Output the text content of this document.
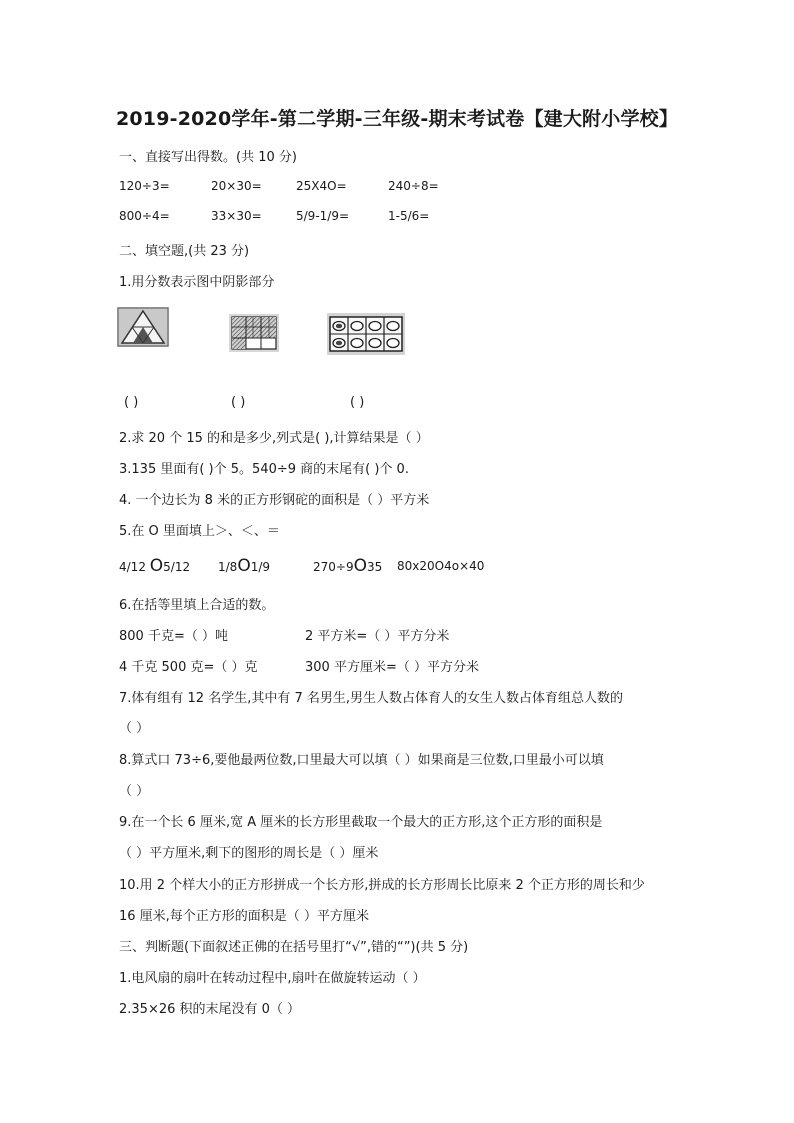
2019-2020学年-第二学期-三年级-期末考试卷【建大附小学校】
一、直接写出得数。(共 10 分)
120÷3=	20×30=	25X4O=	240÷8=
800÷4=	33×30=	5/9-1/9=	1-5/6=
二、填空题,(共 23 分)
1.用分数表示图中阴影部分
( )	( )	( )
2.求 20 个 15 的和是多少,列式是( ),计算结果是（ ）
3.135 里面有( )个 5。540÷9 商的末尾有( )个 0.
4. 一个边长为 8 米的正方形钢砣的面积是（ ）平方米
5.在 O 里面填上＞、＜、＝
4/12 O5/12 1/8O1/9	270÷9O35 80x20O4o×40
6.在括等里填上合适的数。
800 千克=（ ）吨	2 平方米=（ ）平方分米
4 千克 500 克=（ ）克	300 平方厘米=（ ）平方分米
7.体有组有 12 名学生,其中有 7 名男生,男生人数占体育人的女生人数占体育组总人数的
（ ）
8.算式口 73÷6,要他最两位数,口里最大可以填（ ）如果商是三位数,口里最小可以填
（ ）
9.在一个长 6 厘米,宽 A 厘米的长方形里截取一个最大的正方形,这个正方形的面积是
（ ）平方厘米,剩下的图形的周长是（ ）厘米
10.用 2 个样大小的正方形拼成一个长方形,拼成的长方形周长比原来 2 个正方形的周长和少
16 厘米,每个正方形的面积是（ ）平方厘米
三、判断题(下面叙述正佛的在括号里打“√”,错的“”)(共 5 分)
1.电风扇的扇叶在转动过程中,扇叶在做旋转运动（ ）
2.35×26 积的末尾没有 0（ ）
